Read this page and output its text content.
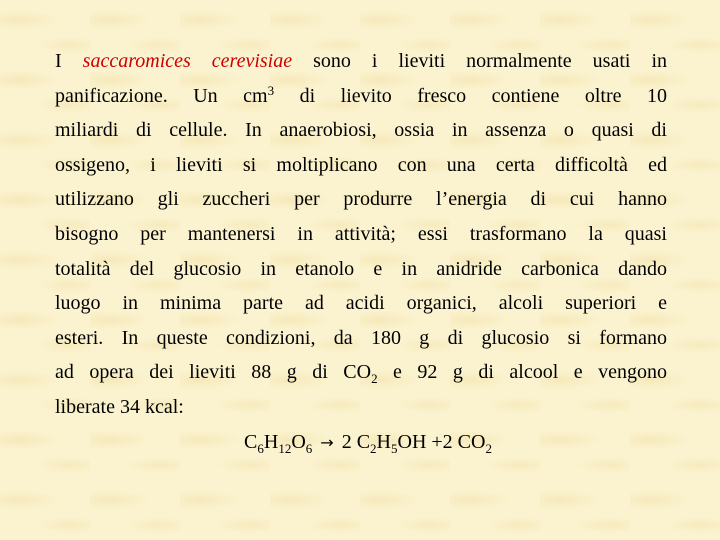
I saccaromices cerevisiae sono i lieviti normalmente usati in
panificazione. Un $cm^3$ di lievito fresco contiene oltre 10
miliardi di cellule. In anaerobiosi, ossia in assenza o quasi di
ossigeno, i lieviti si moltiplicano con una certa difficoltà ed
utilizzano gli zuccheri per produrre l’energia di cui hanno
bisogno per mantenersi in attività; essi trasformano la quasi
totalità del glucosio in etanolo e in anidride carbonica dando
luogo in minima parte ad acidi organici, alcoli superiori e
esteri. In queste condizioni, da 180 g di glucosio si formano
ad opera dei lieviti 88 g di $CO_2$ e 92 g di alcool e vengono
liberate 34 kcal:
$C_6H_{12}O_6 \to 2$ $C_2H_5OH +2$ $CO_2$
